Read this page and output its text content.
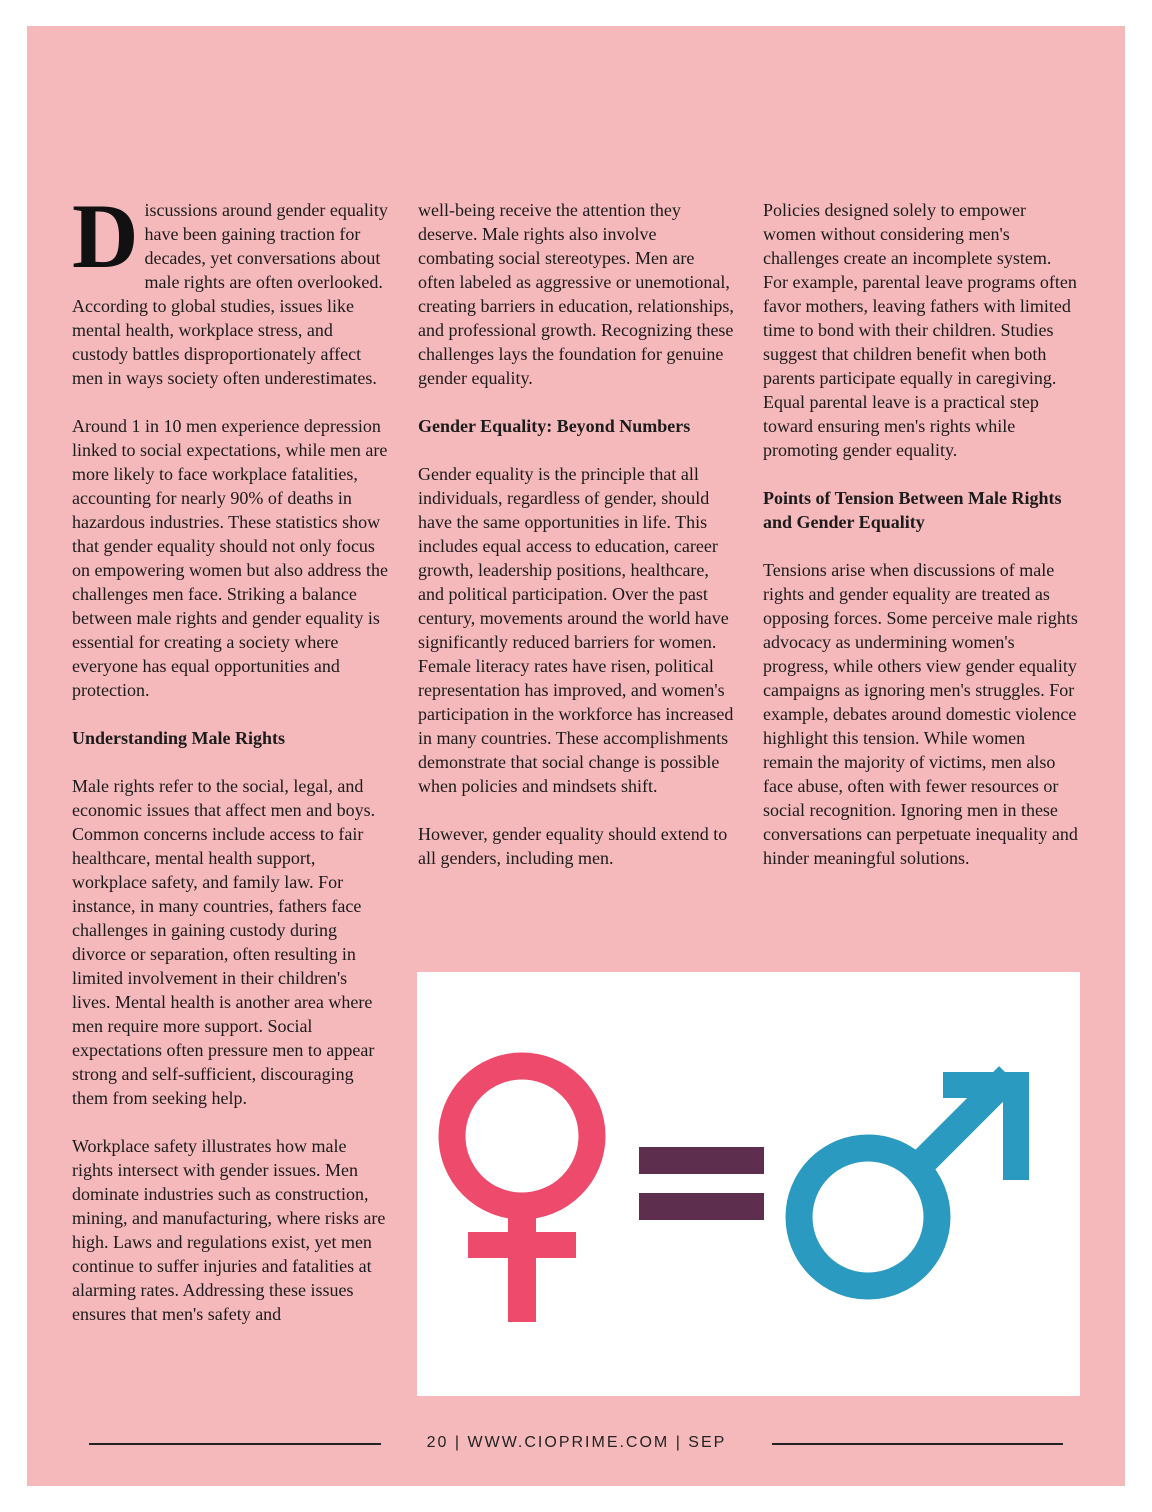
Discussions around gender equality have been gaining traction for decades, yet conversations about male rights are often overlooked. According to global studies, issues like mental health, workplace stress, and custody battles disproportionately affect men in ways society often underestimates.

Around 1 in 10 men experience depression linked to social expectations, while men are more likely to face workplace fatalities, accounting for nearly 90% of deaths in hazardous industries. These statistics show that gender equality should not only focus on empowering women but also address the challenges men face. Striking a balance between male rights and gender equality is essential for creating a society where everyone has equal opportunities and protection.

Understanding Male Rights

Male rights refer to the social, legal, and economic issues that affect men and boys. Common concerns include access to fair healthcare, mental health support, workplace safety, and family law. For instance, in many countries, fathers face challenges in gaining custody during divorce or separation, often resulting in limited involvement in their children's lives. Mental health is another area where men require more support. Social expectations often pressure men to appear strong and self-sufficient, discouraging them from seeking help.

Workplace safety illustrates how male rights intersect with gender issues. Men dominate industries such as construction, mining, and manufacturing, where risks are high. Laws and regulations exist, yet men continue to suffer injuries and fatalities at alarming rates. Addressing these issues ensures that men's safety and

well-being receive the attention they deserve. Male rights also involve combating social stereotypes. Men are often labeled as aggressive or unemotional, creating barriers in education, relationships, and professional growth. Recognizing these challenges lays the foundation for genuine gender equality.

Gender Equality: Beyond Numbers

Gender equality is the principle that all individuals, regardless of gender, should have the same opportunities in life. This includes equal access to education, career growth, leadership positions, healthcare, and political participation. Over the past century, movements around the world have significantly reduced barriers for women. Female literacy rates have risen, political representation has improved, and women's participation in the workforce has increased in many countries. These accomplishments demonstrate that social change is possible when policies and mindsets shift.

However, gender equality should extend to all genders, including men.

Policies designed solely to empower women without considering men's challenges create an incomplete system. For example, parental leave programs often favor mothers, leaving fathers with limited time to bond with their children. Studies suggest that children benefit when both parents participate equally in caregiving. Equal parental leave is a practical step toward ensuring men's rights while promoting gender equality.

Points of Tension Between Male Rights and Gender Equality

Tensions arise when discussions of male rights and gender equality are treated as opposing forces. Some perceive male rights advocacy as undermining women's progress, while others view gender equality campaigns as ignoring men's struggles. For example, debates around domestic violence highlight this tension. While women remain the majority of victims, men also face abuse, often with fewer resources or social recognition. Ignoring men in these conversations can perpetuate inequality and hinder meaningful solutions.

20 | WWW.CIOPRIME.COM | SEP
